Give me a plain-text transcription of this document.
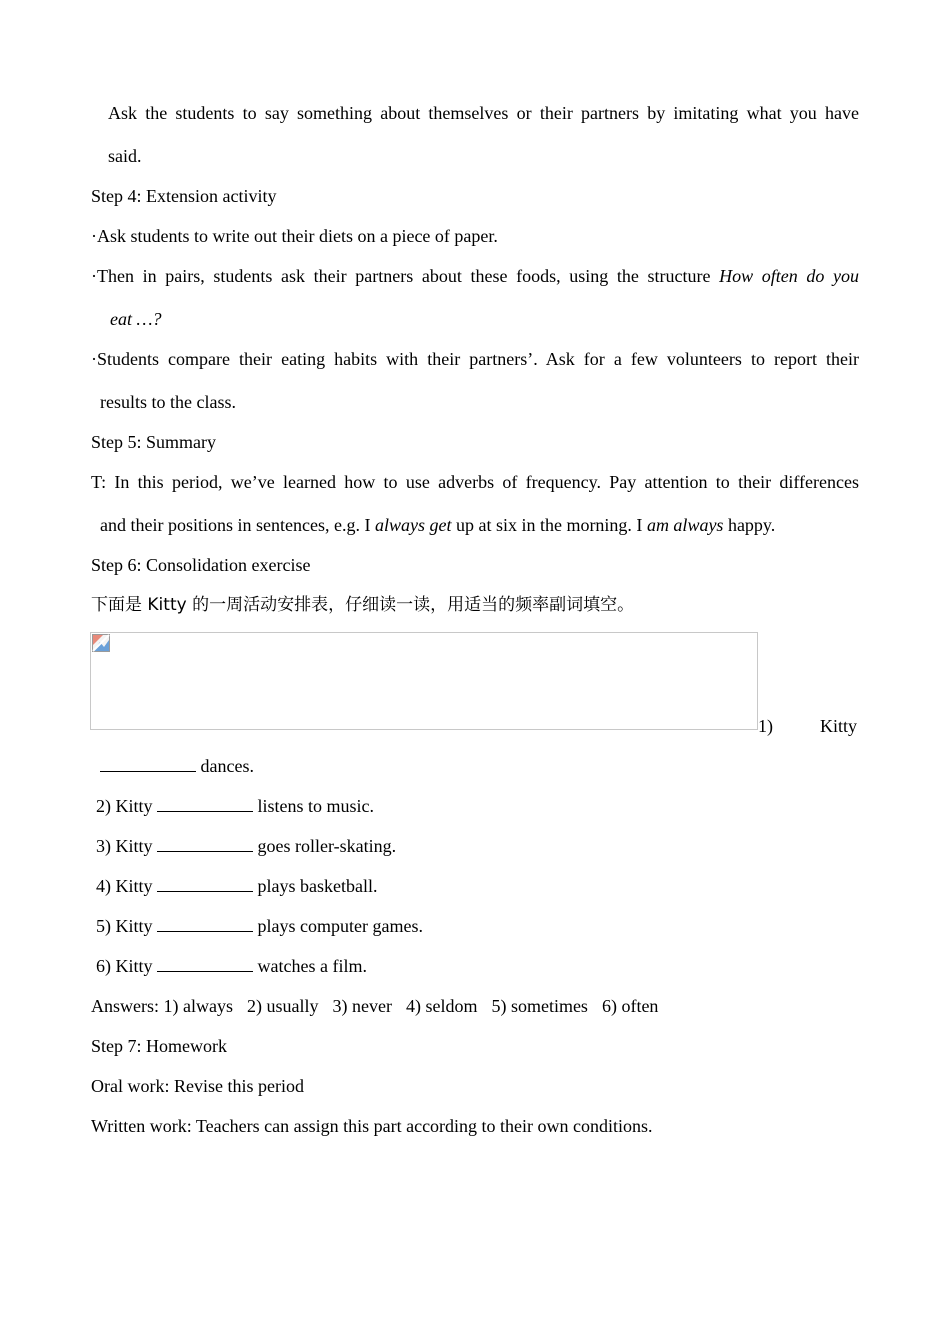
Ask the students to say something about themselves or their partners by imitating what you have
said.
Step 4: Extension activity
·Ask students to write out their diets on a piece of paper.
·Then in pairs, students ask their partners about these foods, using the structure How often do you
eat …?
·Students compare their eating habits with their partners’. Ask for a few volunteers to report their
results to the class.
Step 5: Summary
T: In this period, we’ve learned how to use adverbs of frequency. Pay attention to their differences
and their positions in sentences, e.g. I always get up at six in the morning. I am always happy.
Step 6: Consolidation exercise
下面是 Kitty 的一周活动安排表，仔细读一读，用适当的频率副词填空。
1)	Kitty
dances.
2) Kitty	listens to music.
3) Kitty	goes roller-skating.
4) Kitty	plays basketball.
5) Kitty	plays computer games.
6) Kitty	watches a film.
Answers: 1) always 2) usually 3) never 4) seldom 5) sometimes 6) often
Step 7: Homework
Oral work: Revise this period
Written work: Teachers can assign this part according to their own conditions.
